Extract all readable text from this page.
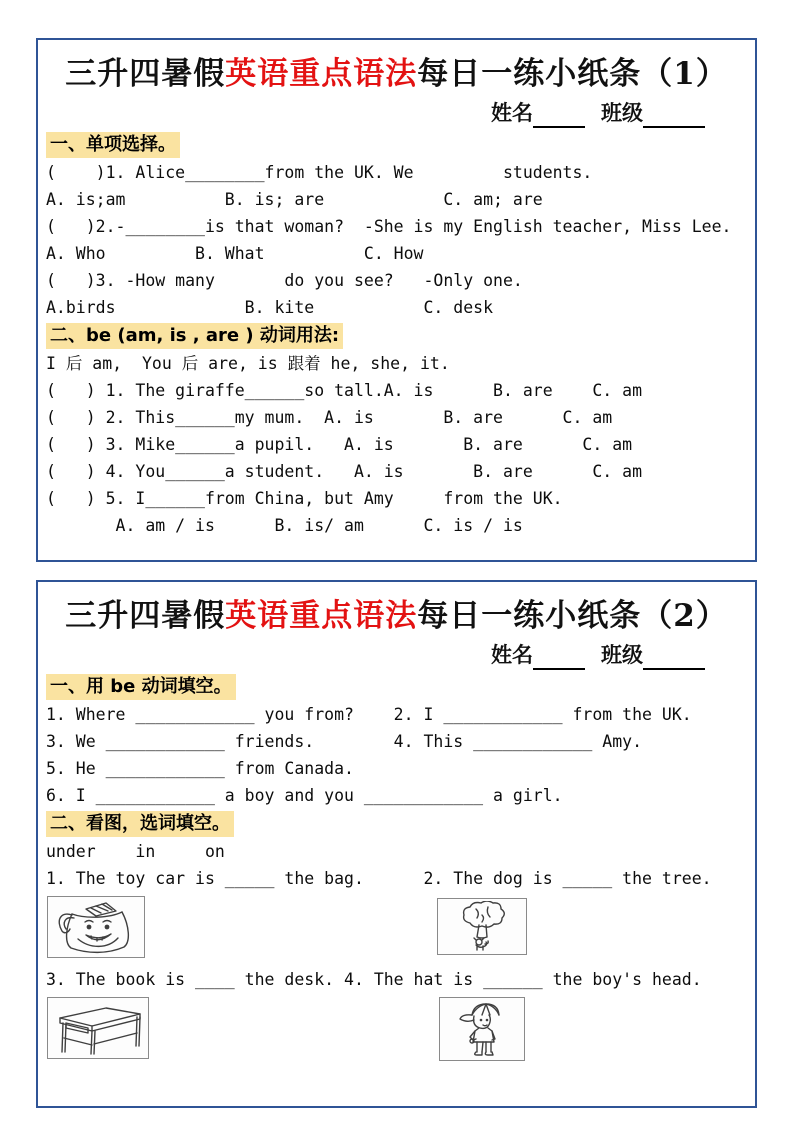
三升四暑假英语重点语法每日一练小纸条（1）
姓名	班级
一、单项选择。
(    )1. Alice________from the UK. We         students.
A. is;am          B. is; are            C. am; are
(   )2.-________is that woman?  -She is my English teacher, Miss Lee.
A. Who         B. What          C. How
(   )3. -How many       do you see?   -Only one.
A.birds             B. kite           C. desk
二、be (am, is , are ) 动词用法:
I 后 am,  You 后 are, is 跟着 he, she, it.
(   ) 1. The giraffe______so tall.A. is      B. are    C. am
(   ) 2. This______my mum.  A. is       B. are      C. am
(   ) 3. Mike______a pupil.   A. is       B. are      C. am
(   ) 4. You______a student.   A. is       B. are      C. am
(   ) 5. I______from China, but Amy     from the UK.
A. am / is      B. is/ am      C. is / is
三升四暑假英语重点语法每日一练小纸条（2）
姓名	班级
一、用 be 动词填空。
1. Where ____________ you from?    2. I ____________ from the UK.
3. We ____________ friends.        4. This ____________ Amy.
5. He ____________ from Canada.
6. I ____________ a boy and you ____________ a girl.
二、看图，选词填空。
under    in     on
1. The toy car is _____ the bag.      2. The dog is _____ the tree.
3. The book is ____ the desk. 4. The hat is ______ the boy's head.
